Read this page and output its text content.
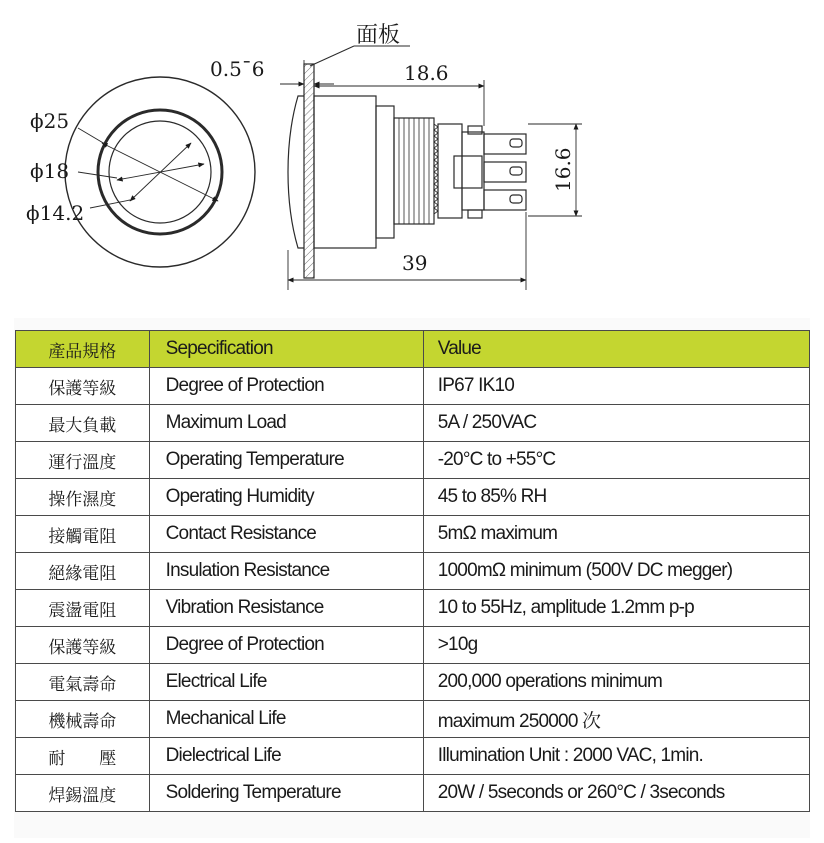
ϕ25
ϕ18
ϕ14.2
面板
0.5¯6	18.6
39
16.6
產品規格	Sepecification	Value
保護等級	Degree of Protection	IP67 IK10
最大負載	Maximum Load	5A / 250VAC
運行溫度	Operating Temperature	-20°C to +55°C
操作濕度	Operating Humidity	45 to 85% RH
接觸電阻	Contact Resistance	5mΩ maximum
絕緣電阻	Insulation Resistance	1000mΩ minimum (500V DC megger)
震盪電阻	Vibration Resistance	10 to 55Hz, amplitude 1.2mm p-p
保護等級	Degree of Protection	>10g
電氣壽命	Electrical Life	200,000 operations minimum
機械壽命	Mechanical Life	maximum 250000 次
耐　　壓	Dielectrical Life	Illumination Unit : 2000 VAC, 1min.
焊錫溫度	Soldering Temperature	20W / 5seconds or 260°C / 3seconds
